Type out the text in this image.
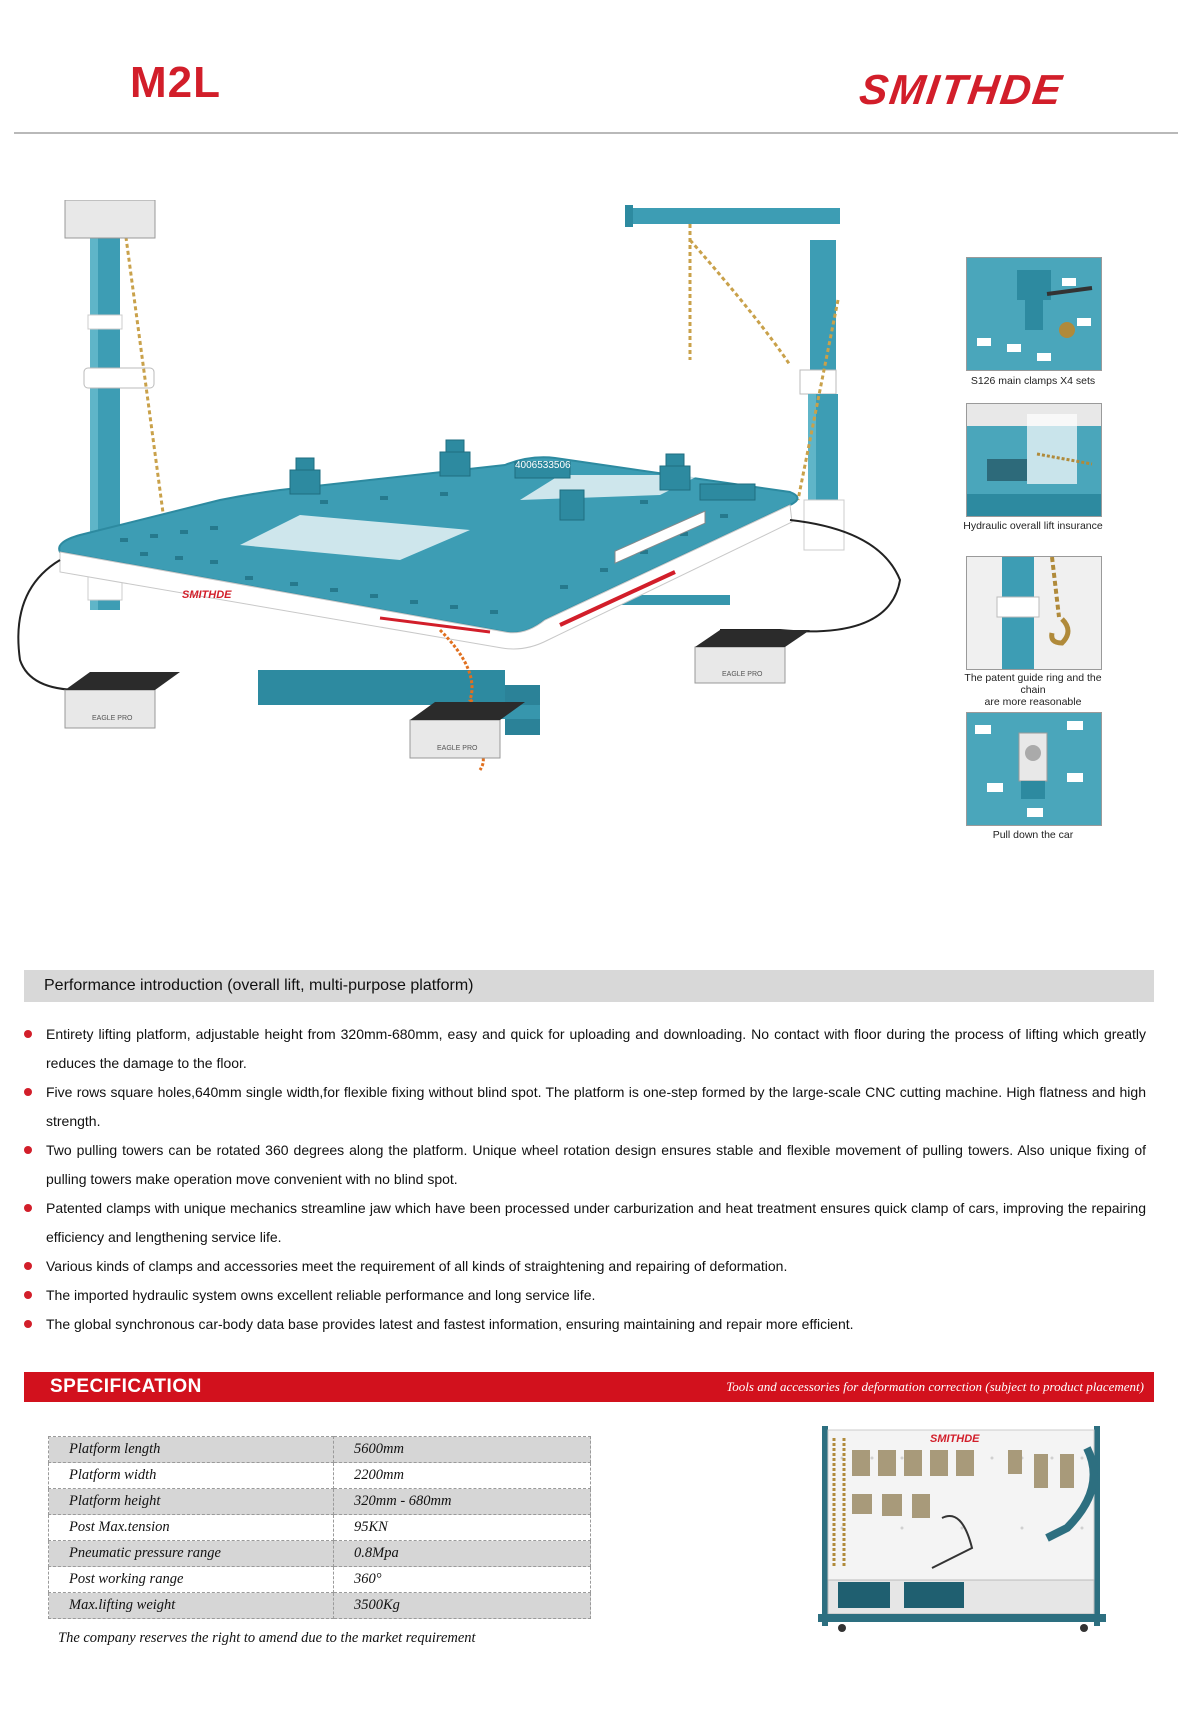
M2L	SMITHDE
4006533506
SMITHDE
EAGLE PRO
EAGLE PRO
EAGLE PRO
S126 main clamps X4 sets
Hydraulic overall lift insurance
The patent guide ring and the chain
are more reasonable
Pull down the car
Performance introduction (overall lift, multi-purpose platform)
Entirety lifting platform, adjustable height from 320mm-680mm, easy and quick for uploading and downloading. No contact with floor during the process of lifting which greatly reduces the damage to the floor.
Five rows square holes,640mm single width,for flexible fixing without blind spot. The platform is one-step formed by the large-scale CNC cutting machine. High flatness and high strength.
Two pulling towers can be rotated 360 degrees along the platform. Unique wheel rotation design ensures stable and flexible movement of pulling towers. Also unique fixing of pulling towers make operation move convenient with no blind spot.
Patented clamps with unique mechanics streamline jaw which have been processed under carburization and heat treatment ensures quick clamp of cars, improving the repairing efficiency and lengthening service life.
Various kinds of clamps and accessories meet the requirement of all kinds of straightening and repairing of deformation.
The imported hydraulic system owns excellent reliable performance and long service life.
The global synchronous car-body data base provides latest and fastest information, ensuring maintaining and repair more efficient.
SPECIFICATION	Tools and accessories for deformation correction (subject to product placement)
Platform length	5600mm
Platform width	2200mm
Platform height	320mm - 680mm
Post Max.tension	95KN
Pneumatic pressure range	0.8Mpa
Post working range	360°
Max.lifting weight	3500Kg
The company reserves the right to amend due to the market requirement
SMITHDE
